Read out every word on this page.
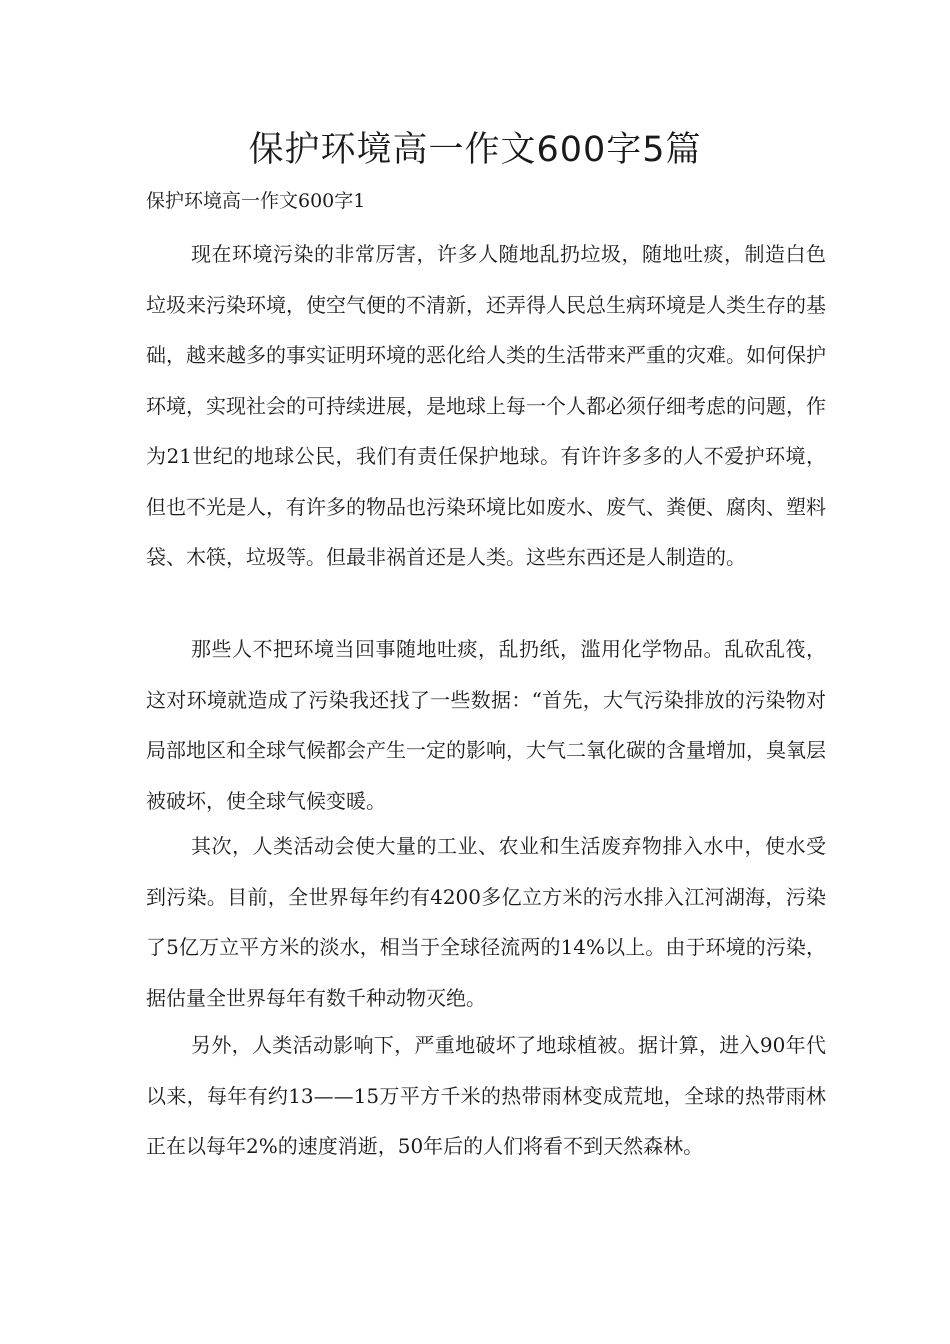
保护环境高一作文600字5篇

保护环境高一作文600字1

现在环境污染的非常厉害，许多人随地乱扔垃圾，随地吐痰，制造白色垃圾来污染环境，使空气便的不清新，还弄得人民总生病环境是人类生存的基础，越来越多的事实证明环境的恶化给人类的生活带来严重的灾难。如何保护环境，实现社会的可持续进展，是地球上每一个人都必须仔细考虑的问题，作为21世纪的地球公民，我们有责任保护地球。有许许多多的人不爱护环境，但也不光是人，有许多的物品也污染环境比如废水、废气、粪便、腐肉、塑料袋、木筷，垃圾等。但最非祸首还是人类。这些东西还是人制造的。

那些人不把环境当回事随地吐痰，乱扔纸，滥用化学物品。乱砍乱筏，这对环境就造成了污染我还找了一些数据：“首先，大气污染排放的污染物对局部地区和全球气候都会产生一定的影响，大气二氧化碳的含量增加，臭氧层被破坏，使全球气候变暖。

其次，人类活动会使大量的工业、农业和生活废弃物排入水中，使水受到污染。目前，全世界每年约有4200多亿立方米的污水排入江河湖海，污染了5亿万立平方米的淡水，相当于全球径流两的14%以上。由于环境的污染，据估量全世界每年有数千种动物灭绝。

另外，人类活动影响下，严重地破坏了地球植被。据计算，进入90年代以来，每年有约13——15万平方千米的热带雨林变成荒地，全球的热带雨林正在以每年2%的速度消逝，50年后的人们将看不到天然森林。
